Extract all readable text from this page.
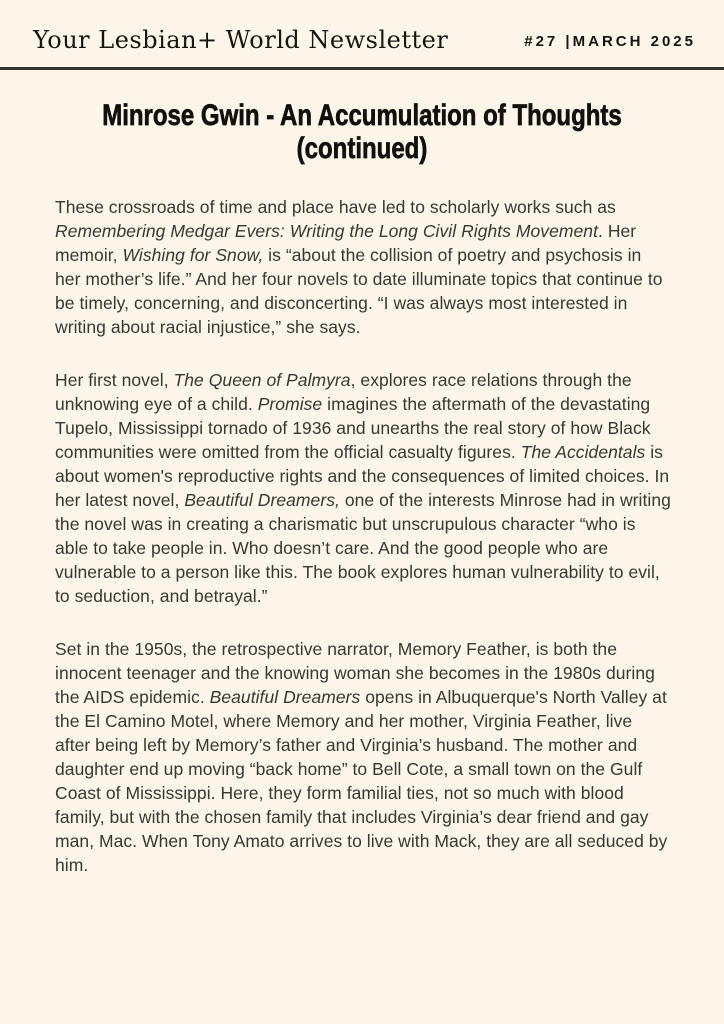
Your Lesbian+ World Newsletter	#27 |MARCH 2025
Minrose Gwin - An Accumulation of Thoughts
(continued)

These crossroads of time and place have led to scholarly works such as Remembering Medgar Evers: Writing the Long Civil Rights Movement. Her memoir, Wishing for Snow, is “about the collision of poetry and psychosis in her mother’s life.” And her four novels to date illuminate topics that continue to be timely, concerning, and disconcerting. “I was always most interested in writing about racial injustice,” she says.

Her first novel, The Queen of Palmyra, explores race relations through the unknowing eye of a child. Promise imagines the aftermath of the devastating Tupelo, Mississippi tornado of 1936 and unearths the real story of how Black communities were omitted from the official casualty figures. The Accidentals is about women's reproductive rights and the consequences of limited choices. In her latest novel, Beautiful Dreamers, one of the interests Minrose had in writing the novel was in creating a charismatic but unscrupulous character “who is able to take people in. Who doesn’t care. And the good people who are vulnerable to a person like this. The book explores human vulnerability to evil, to seduction, and betrayal.”

Set in the 1950s, the retrospective narrator, Memory Feather, is both the innocent teenager and the knowing woman she becomes in the 1980s during the AIDS epidemic. Beautiful Dreamers opens in Albuquerque's North Valley at the El Camino Motel, where Memory and her mother, Virginia Feather, live after being left by Memory’s father and Virginia’s husband. The mother and daughter end up moving “back home” to Bell Cote, a small town on the Gulf Coast of Mississippi. Here, they form familial ties, not so much with blood family, but with the chosen family that includes Virginia’s dear friend and gay man, Mac. When Tony Amato arrives to live with Mack, they are all seduced by him.
